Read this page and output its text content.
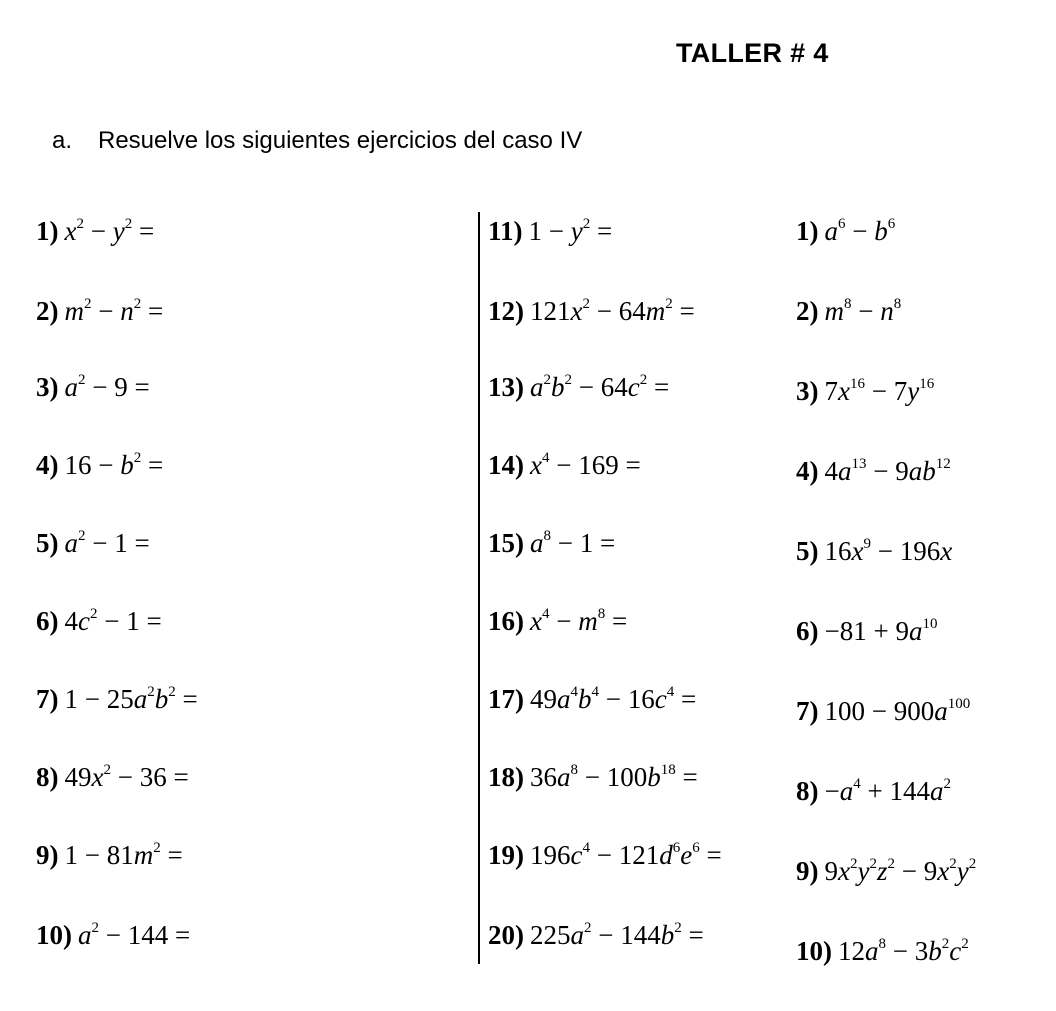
TALLER # 4
a. Resuelve los siguientes ejercicios del caso IV
1) $x^2 - y^2$ =
2) $m^2 - n^2$ =
3) $a^2 - 9$ =
4) $16 - b^2$ =
5) $a^2 - 1$ =
6) $4c^2 - 1$ =
7) $1 - 25a^2b^2$ =
8) $49x^2 - 36$ =
9) $1 - 81m^2$ =
10) $a^2 - 144$ =
11) $1 - y^2$ =
12) $121x^2 - 64m^2$ =
13) $a^2b^2 - 64c^2$ =
14) $x^4 - 169$ =
15) $a^8 - 1$ =
16) $x^4 - m^8$ =
17) $49a^4b^4 - 16c^4$ =
18) $36a^8 - 100b^{18}$ =
19) $196c^4 - 121d^6e^6$ =
20) $225a^2 - 144b^2$ =
1) $a^6 - b^6$
2) $m^8 - n^8$
3) $7x^{16} - 7y^{16}$
4) $4a^{13} - 9ab^{12}$
5) $16x^9 - 196x$
$6) -81 + 9a^{10}$
7) $100 - 900a^{100}$
$8) -a^4 + 144a^2$
9) $9x^2y^2z^2 - 9x^2y^2$
10) $12a^8 - 3b^2c^2$
